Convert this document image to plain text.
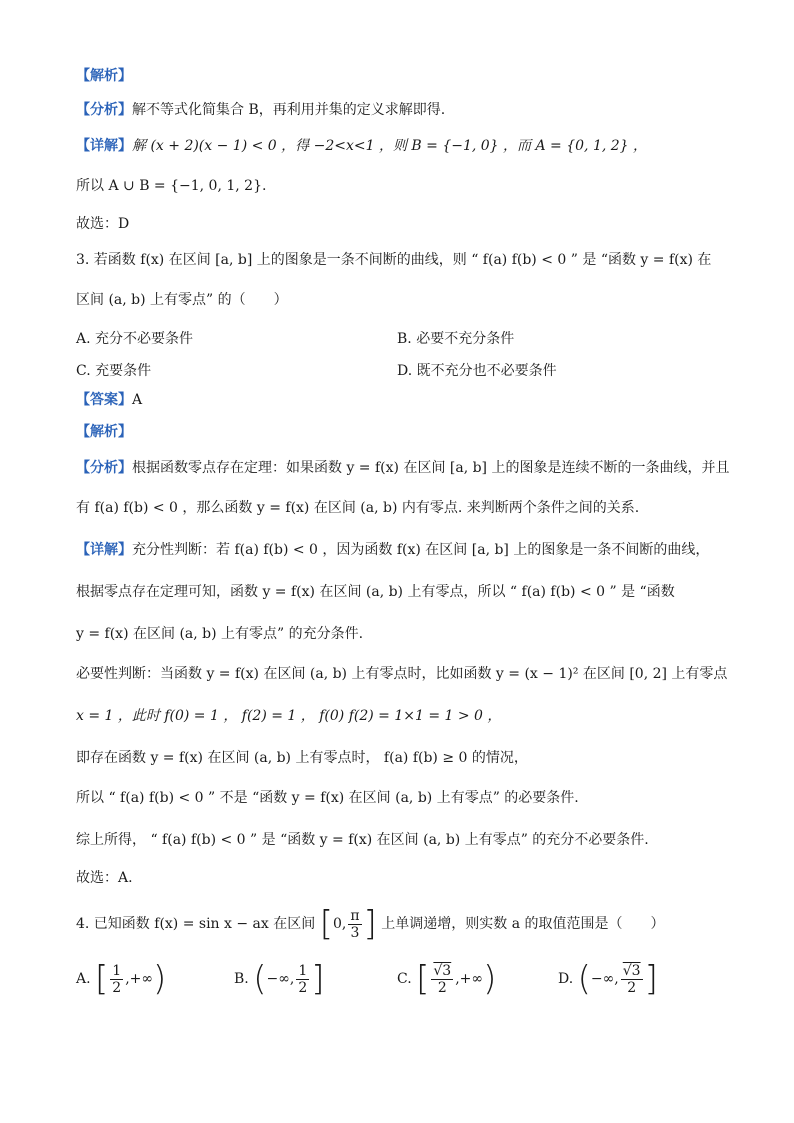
【解析】
【分析】解不等式化简集合 B，再利用并集的定义求解即得.
【详解】解 (x + 2)(x − 1) < 0 ，得 −2<x<1 ，则 B = {−1, 0} ，而 A = {0, 1, 2} ，
所以 A ∪ B = {−1, 0, 1, 2}.
故选：D
3. 若函数 f(x) 在区间 [a, b] 上的图象是一条不间断的曲线，则 “ f(a) f(b) < 0 ” 是 “函数 y = f(x) 在
区间 (a, b) 上有零点” 的（　　）
A. 充分不必要条件	B. 必要不充分条件
C. 充要条件	D. 既不充分也不必要条件
【答案】A
【解析】
【分析】根据函数零点存在定理：如果函数 y = f(x) 在区间 [a, b] 上的图象是连续不断的一条曲线，并且
有 f(a) f(b) < 0 ，那么函数 y = f(x) 在区间 (a, b) 内有零点. 来判断两个条件之间的关系.
【详解】充分性判断：若 f(a) f(b) < 0 ，因为函数 f(x) 在区间 [a, b] 上的图象是一条不间断的曲线，
根据零点存在定理可知，函数 y = f(x) 在区间 (a, b) 上有零点，所以 “ f(a) f(b) < 0 ” 是 “函数
y = f(x) 在区间 (a, b) 上有零点” 的充分条件.
必要性判断：当函数 y = f(x) 在区间 (a, b) 上有零点时，比如函数 y = (x − 1)² 在区间 [0, 2] 上有零点
x = 1 ，此时 f(0) = 1 ， f(2) = 1 ， f(0) f(2) = 1×1 = 1 > 0 ，
即存在函数 y = f(x) 在区间 (a, b) 上有零点时， f(a) f(b) ≥ 0 的情况，
所以 “ f(a) f(b) < 0 ” 不是 “函数 y = f(x) 在区间 (a, b) 上有零点” 的必要条件.
综上所得， “ f(a) f(b) < 0 ” 是 “函数 y = f(x) 在区间 (a, b) 上有零点” 的充分不必要条件.
故选：A.
4. 已知函数 f(x) = sin x − ax 在区间 [0, $\frac{\pi}{3}$ ] 上单调递增，则实数 a 的取值范围是（　　）
A. [ $\frac{1}{2}$ ,+∞)	B. (−∞, $\frac{1}{2}$ ]	C. [ $\frac{√3}{2}$ ,+∞)	D. (−∞, $\frac{√3}{2}$ ]
